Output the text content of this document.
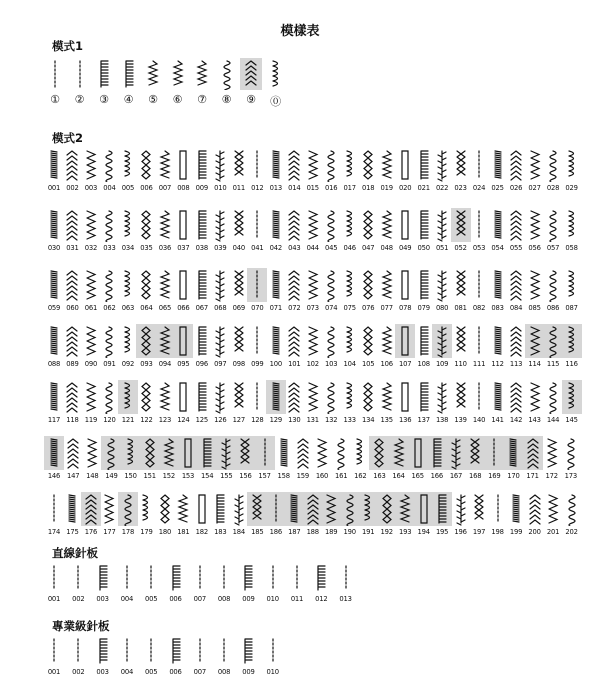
模樣表
模式1
①	②	③	④	⑤	⑥	⑦	⑧	⑨	⓪
模式2
001 002 003 004 005 006 007 008 009 010 011 012 013 014 015 016 017 018 019 020 021 022 023 024 025 026 027 028 029
030 031 032 033 034 035 036 037 038 039 040 041 042 043 044 045 046 047 048 049 050 051 052 053 054 055 056 057 058
059 060 061 062 063 064 065 066 067 068 069 070 071 072 073 074 075 076 077 078 079 080 081 082 083 084 085 086 087
088 089 090 091 092 093 094 095 096 097 098 099 100 101 102 103 104 105 106 107 108 109 110 111 112 113 114 115 116
117 118 119 120 121 122 123 124 125 126 127 128 129 130 131 132 133 134 135 136 137 138 139 140 141 142 143 144 145
146 147 148 149 150 151 152 153 154 155 156 157 158 159 160 161 162 163 164 165 166 167 168 169 170 171 172 173
174 175 176 177 178 179 180 181 182 183 184 185 186 187 188 189 190 191 192 193 194 195 196 197 198 199 200 201 202
直線針板
001	002	003	004	005	006	007	008	009	010	011	012	013
專業級針板
001	002	003	004	005	006	007	008	009	010
